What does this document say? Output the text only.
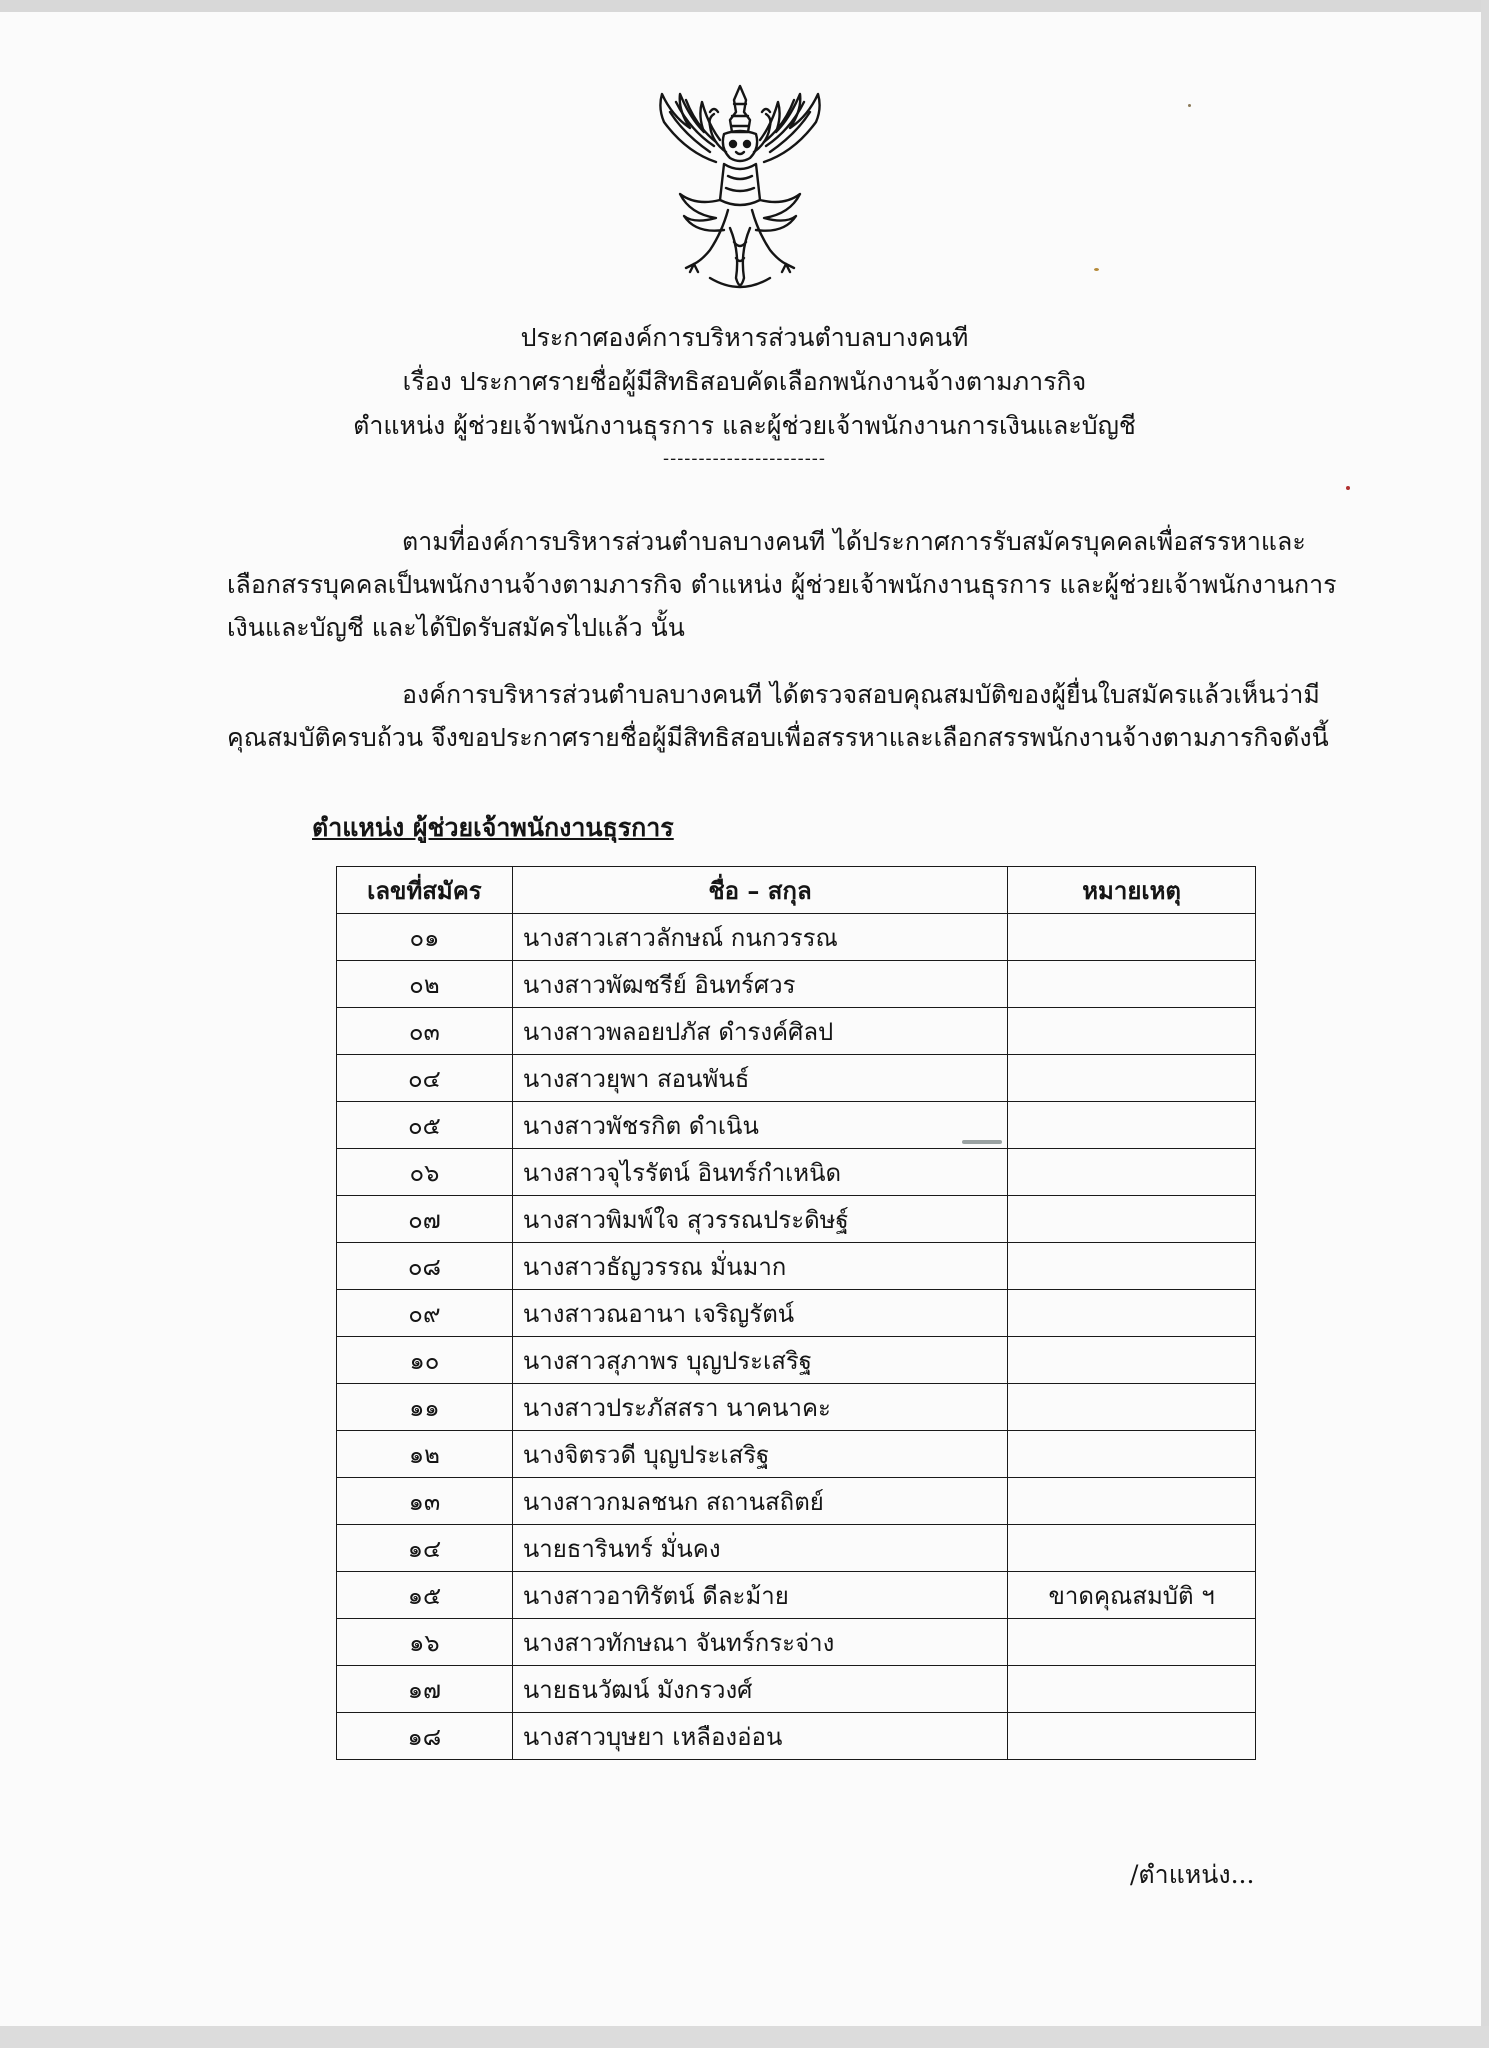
ประกาศองค์การบริหารส่วนตำบลบางคนที
เรื่อง ประกาศรายชื่อผู้มีสิทธิสอบคัดเลือกพนักงานจ้างตามภารกิจ
ตำแหน่ง ผู้ช่วยเจ้าพนักงานธุรการ และผู้ช่วยเจ้าพนักงานการเงินและบัญชี
-----------------------

ตามที่องค์การบริหารส่วนตำบลบางคนที ได้ประกาศการรับสมัครบุคคลเพื่อสรรหาและเลือกสรรบุคคลเป็นพนักงานจ้างตามภารกิจ ตำแหน่ง ผู้ช่วยเจ้าพนักงานธุรการ และผู้ช่วยเจ้าพนักงานการเงินและบัญชี และได้ปิดรับสมัครไปแล้ว นั้น

องค์การบริหารส่วนตำบลบางคนที ได้ตรวจสอบคุณสมบัติของผู้ยื่นใบสมัครแล้วเห็นว่ามีคุณสมบัติครบถ้วน จึงขอประกาศรายชื่อผู้มีสิทธิสอบเพื่อสรรหาและเลือกสรรพนักงานจ้างตามภารกิจดังนี้

ตำแหน่ง ผู้ช่วยเจ้าพนักงานธุรการ
เลขที่สมัคร	ชื่อ – สกุล	หมายเหตุ
๐๑	นางสาวเสาวลักษณ์ กนกวรรณ	
๐๒	นางสาวพัฒชรีย์ อินทร์ศวร	
๐๓	นางสาวพลอยปภัส ดำรงค์ศิลป	
๐๔	นางสาวยุพา สอนพันธ์	
๐๕	นางสาวพัชรกิต ดำเนิน	
๐๖	นางสาวจุไรรัตน์ อินทร์กำเหนิด	
๐๗	นางสาวพิมพ์ใจ สุวรรณประดิษฐ์	
๐๘	นางสาวธัญวรรณ มั่นมาก	
๐๙	นางสาวณอานา เจริญรัตน์	
๑๐	นางสาวสุภาพร บุญประเสริฐ	
๑๑	นางสาวประภัสสรา นาคนาคะ	
๑๒	นางจิตรวดี บุญประเสริฐ	
๑๓	นางสาวกมลชนก สถานสถิตย์	
๑๔	นายธารินทร์ มั่นคง	
๑๕	นางสาวอาทิรัตน์ ดีละม้าย	ขาดคุณสมบัติ ฯ
๑๖	นางสาวทักษณา จันทร์กระจ่าง	
๑๗	นายธนวัฒน์ มังกรวงศ์	
๑๘	นางสาวบุษยา เหลืองอ่อน	
/ตำแหน่ง...
